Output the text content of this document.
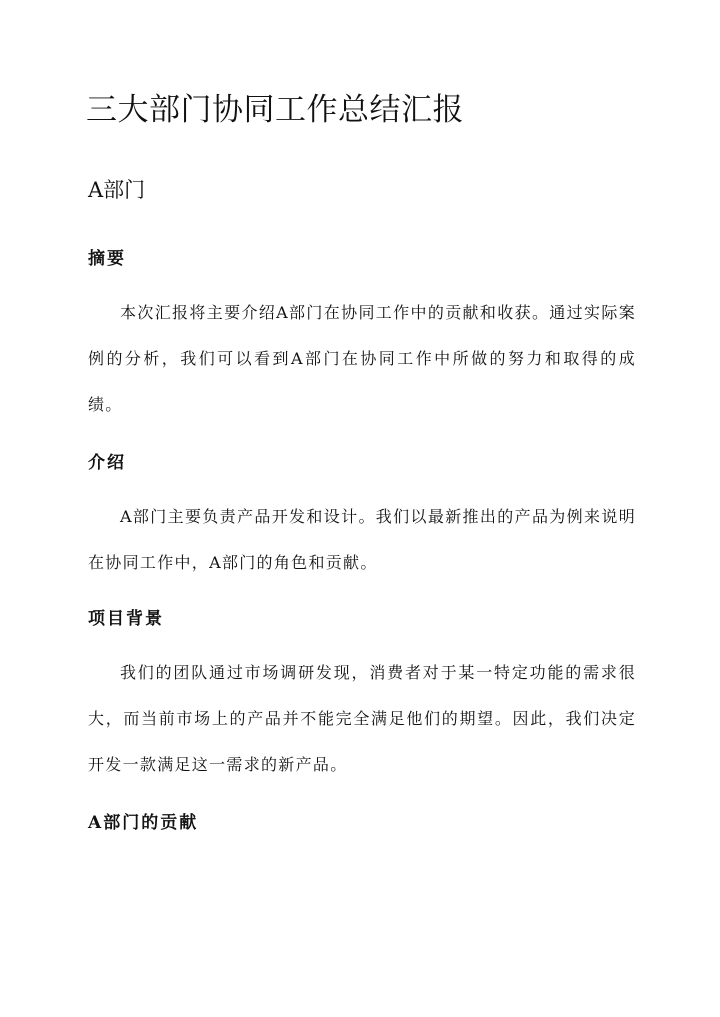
三大部门协同工作总结汇报
A部门
摘要

本次汇报将主要介绍A部门在协同工作中的贡献和收获。通过实际案例的分析，我们可以看到A部门在协同工作中所做的努力和取得的成绩。

介绍

A部门主要负责产品开发和设计。我们以最新推出的产品为例来说明在协同工作中，A部门的角色和贡献。

项目背景

我们的团队通过市场调研发现，消费者对于某一特定功能的需求很大，而当前市场上的产品并不能完全满足他们的期望。因此，我们决定开发一款满足这一需求的新产品。

A部门的贡献
